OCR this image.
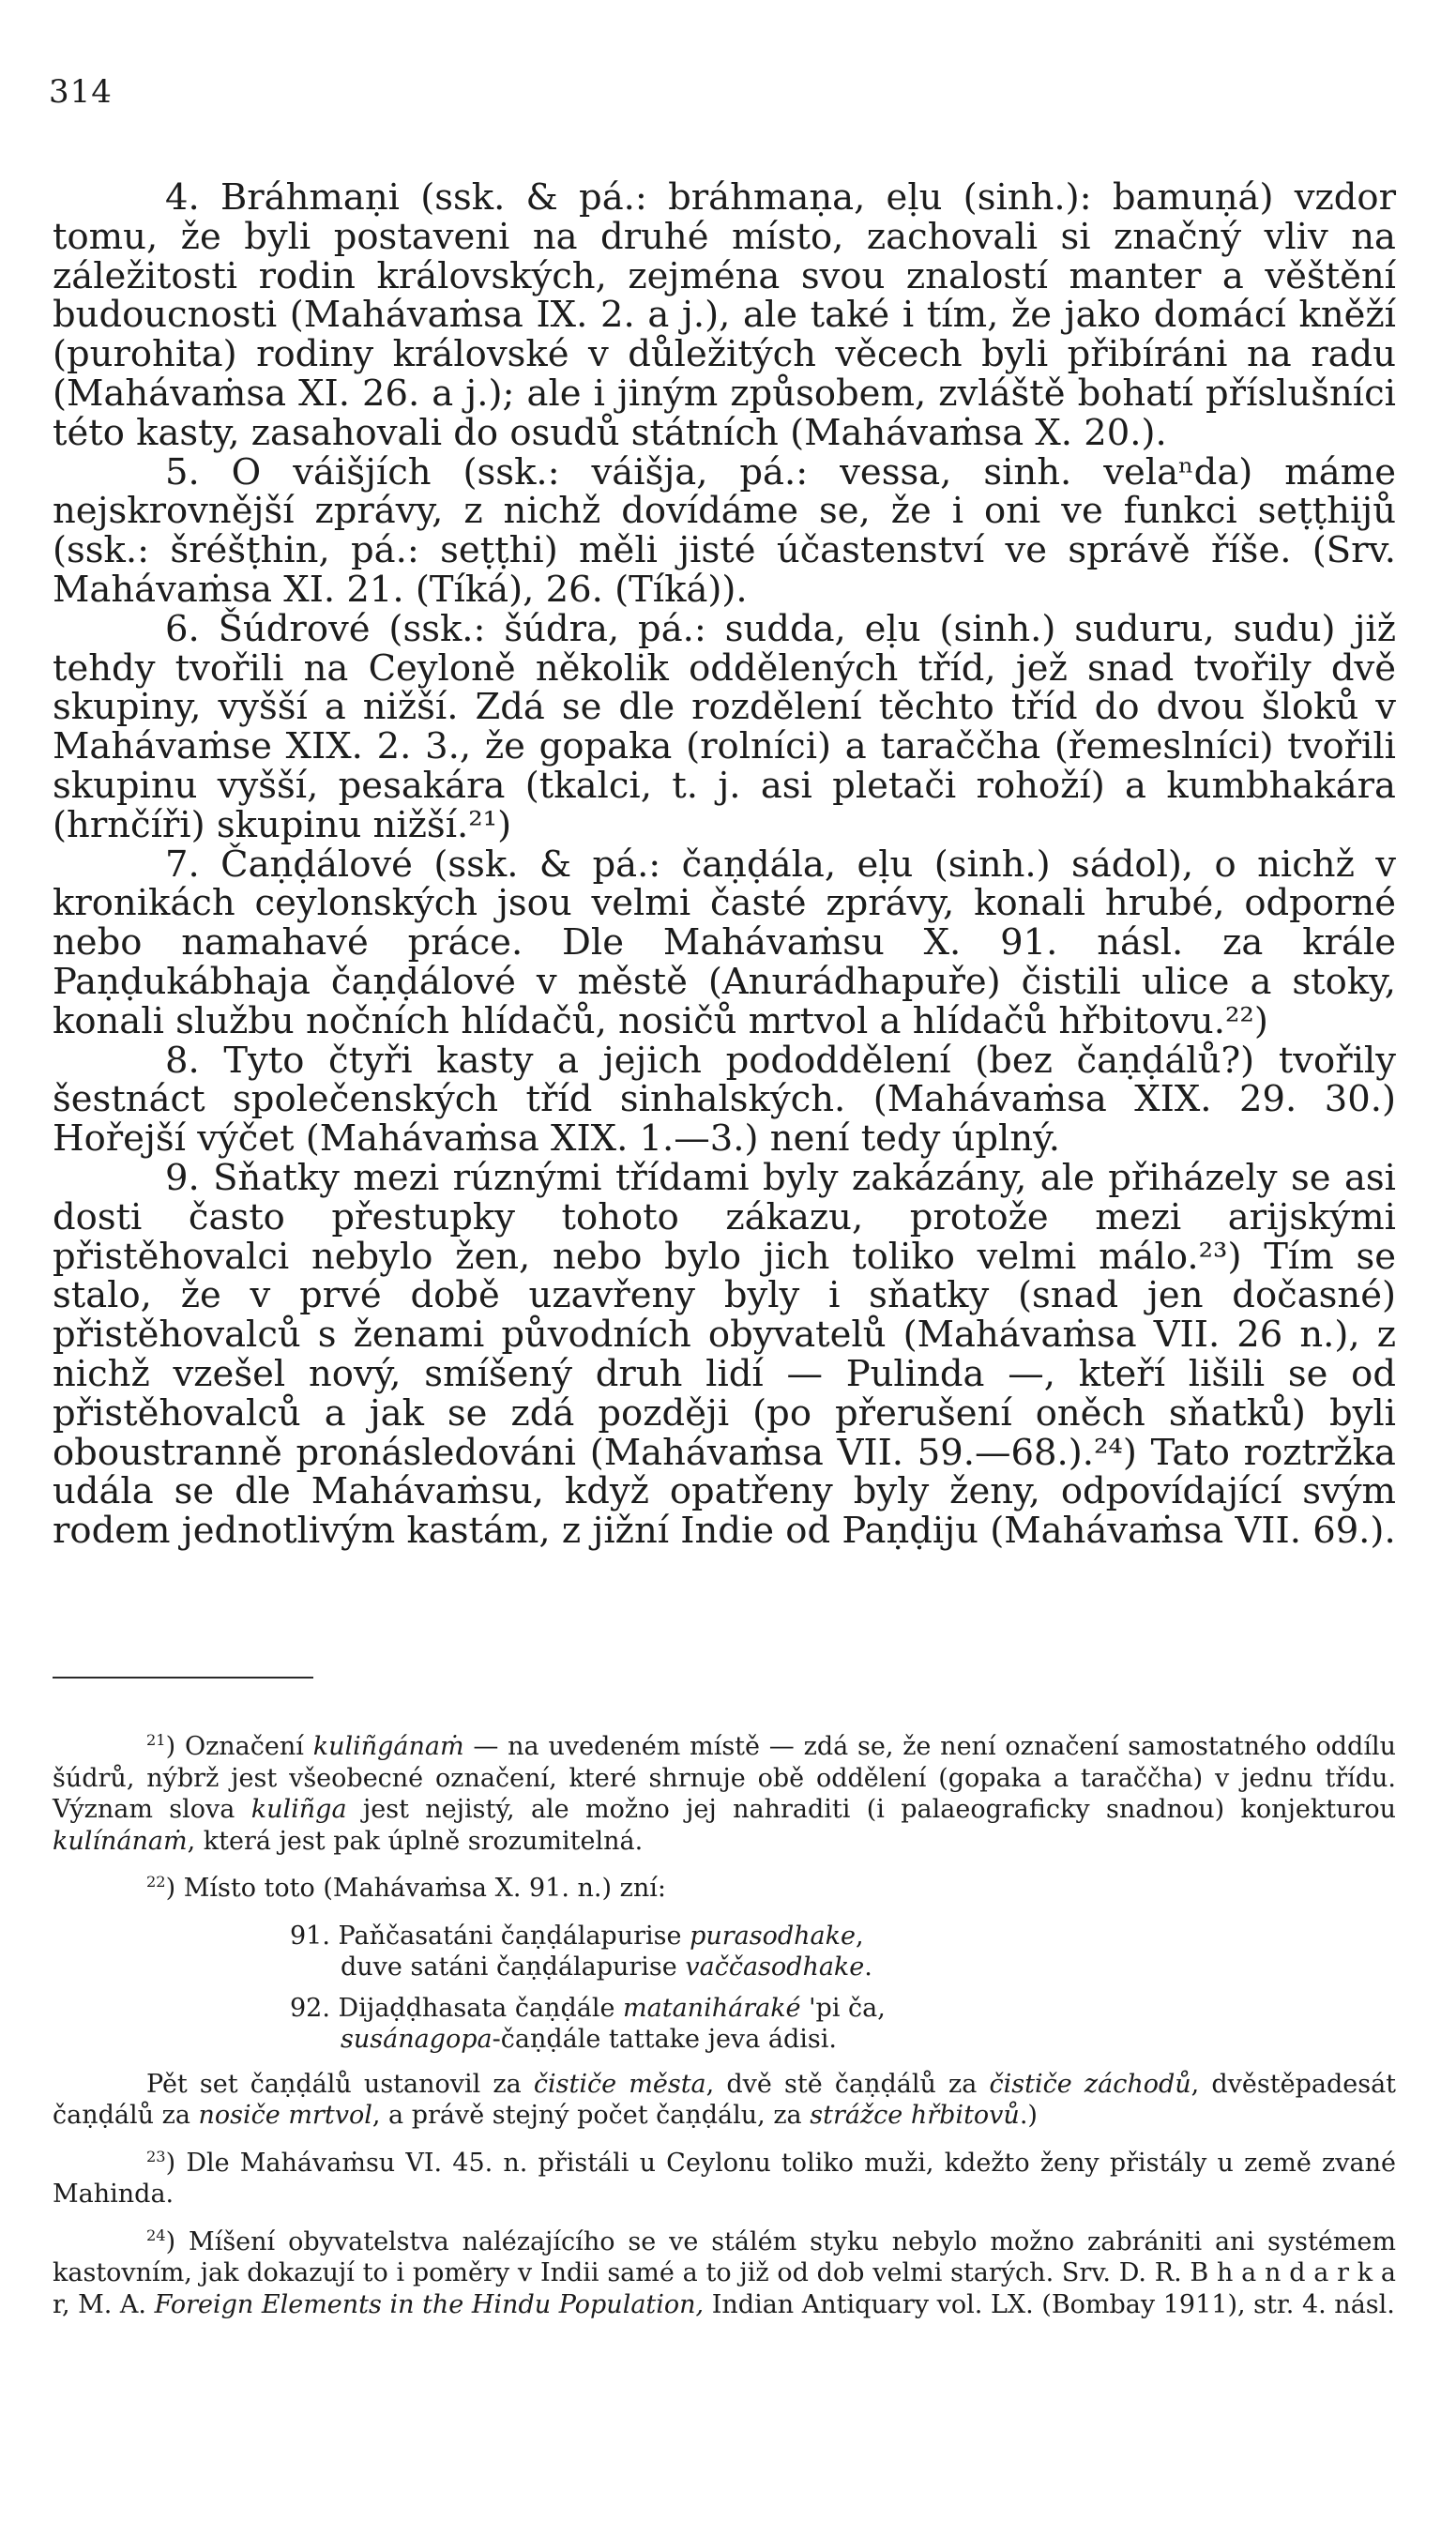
314

4. Bráhmaṇi (ssk. & pá.: bráhmaṇa, eḷu (sinh.): bamuṇá) vzdor tomu, že byli postaveni na druhé místo, zachovali si značný vliv na záležitosti rodin královských, zejména svou znalostí manter a věštění budoucnosti (Mahávaṁsa IX. 2. a j.), ale také i tím, že jako domácí kněží (purohita) rodiny královské v důležitých věcech byli přibíráni na radu (Mahávaṁsa XI. 26. a j.); ale i jiným způsobem, zvláště bohatí příslušníci této kasty, zasahovali do osudů státních (Mahávaṁsa X. 20.).

5. O váišjích (ssk.: váišja, pá.: vessa, sinh. velaⁿda) máme nejskrovnější zprávy, z nichž dovídáme se, že i oni ve funkci seṭṭhijů (ssk.: šréšṭhin, pá.: seṭṭhi) měli jisté účastenství ve správě říše. (Srv. Mahávaṁsa XI. 21. (Tíká), 26. (Tíká)).

6. Šúdrové (ssk.: šúdra, pá.: sudda, eḷu (sinh.) suduru, sudu) již tehdy tvořili na Ceyloně několik oddělených tříd, jež snad tvořily dvě skupiny, vyšší a nižší. Zdá se dle rozdělení těchto tříd do dvou šloků v Mahávaṁse XIX. 2. 3., že gopaka (rolníci) a taraččha (řemeslníci) tvořili skupinu vyšší, pesakára (tkalci, t. j. asi pletači rohoží) a kumbhakára (hrnčíři) skupinu nižší.²¹)

7. Čaṇḍálové (ssk. & pá.: čaṇḍála, eḷu (sinh.) sádol), o nichž v kronikách ceylonských jsou velmi časté zprávy, konali hrubé, odporné nebo namahavé práce. Dle Mahávaṁsu X. 91. násl. za krále Paṇḍukábhaja čaṇḍálové v městě (Anurádhapuře) čistili ulice a stoky, konali službu nočních hlídačů, nosičů mrtvol a hlídačů hřbitovu.²²)

8. Tyto čtyři kasty a jejich pododdělení (bez čaṇḍálů?) tvořily šestnáct společenských tříd sinhalských. (Mahávaṁsa XIX. 29. 30.) Hořejší výčet (Mahávaṁsa XIX. 1.—3.) není tedy úplný.

9. Sňatky mezi rúznými třídami byly zakázány, ale přiházely se asi dosti často přestupky tohoto zákazu, protože mezi arijskými přistěhovalci nebylo žen, nebo bylo jich toliko velmi málo.²³) Tím se stalo, že v prvé době uzavřeny byly i sňatky (snad jen dočasné) přistěhovalců s ženami původních obyvatelů (Mahávaṁsa VII. 26 n.), z nichž vzešel nový, smíšený druh lidí — Pulinda —, kteří lišili se od přistěhovalců a jak se zdá později (po přerušení oněch sňatků) byli oboustranně pronásledováni (Mahávaṁsa VII. 59.—68.).²⁴) Tato roztržka udála se dle Mahávaṁsu, když opatřeny byly ženy, odpovídající svým rodem jednotlivým kastám, z jižní Indie od Paṇḍiju (Mahávaṁsa VII. 69.).

$^{21}$) Označení kuliñgánaṁ — na uvedeném místě — zdá se, že není označení samostatného oddílu šúdrů, nýbrž jest všeobecné označení, které shrnuje obě oddělení (gopaka a taraččha) v jednu třídu. Význam slova kuliñga jest nejistý, ale možno jej nahraditi (i palaeograficky snadnou) konjekturou kulínánaṁ, která jest pak úplně srozumitelná.

$^{22}$) Místo toto (Mahávaṁsa X. 91. n.) zní:

91. Paňčasatáni čaṇḍálapurise purasodhake,
duve satáni čaṇḍálapurise vaččasodhake.
92. Dijaḍḍhasata čaṇḍále mataniháraké 'pi ča,
susánagopa-čaṇḍále tattake jeva ádisi.

Pět set čaṇḍálů ustanovil za čističe města, dvě stě čaṇḍálů za čističe záchodů, dvěstěpadesát čaṇḍálů za nosiče mrtvol, a právě stejný počet čaṇḍálu, za strážce hřbitovů.)

$^{23}$) Dle Mahávaṁsu VI. 45. n. přistáli u Ceylonu toliko muži, kdežto ženy přistály u země zvané Mahinda.

$^{24}$) Míšení obyvatelstva nalézajícího se ve stálém styku nebylo možno zabrániti ani systémem kastovním, jak dokazují to i poměry v Indii samé a to již od dob velmi starých. Srv. D. R. B h a n d a r k a r, M. A. Foreign Elements in the Hindu Population, Indian Antiquary vol. LX. (Bombay 1911), str. 4. násl.
